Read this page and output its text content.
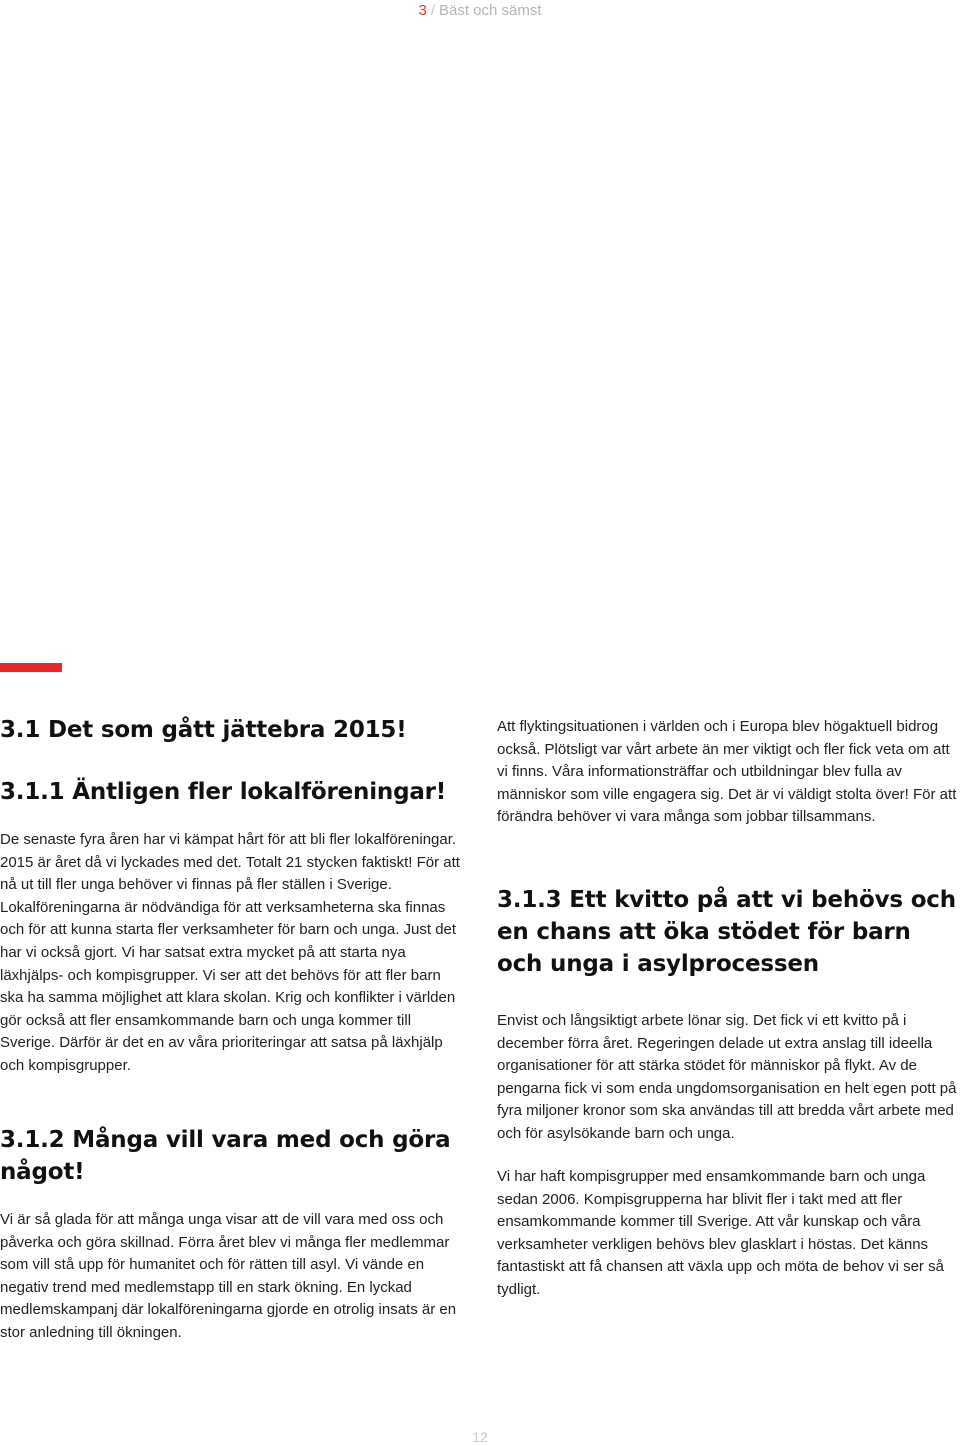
3 / Bäst och sämst
3.1 Det som gått jättebra 2015!
3.1.1 Äntligen fler lokalföreningar!

De senaste fyra åren har vi kämpat hårt för att bli fler lokalföreningar. 2015 är året då vi lyckades med det. Totalt 21 stycken faktiskt! För att nå ut till fler unga behöver vi finnas på fler ställen i Sverige. Lokalföreningarna är nödvändiga för att verksamheterna ska finnas och för att kunna starta fler verksamheter för barn och unga. Just det har vi också gjort. Vi har satsat extra mycket på att starta nya läxhjälps- och kompisgrupper. Vi ser att det behövs för att fler barn ska ha samma möjlighet att klara skolan. Krig och konflikter i världen gör också att fler ensamkommande barn och unga kommer till Sverige. Därför är det en av våra prioriteringar att satsa på läxhjälp och kompisgrupper.

3.1.2 Många vill vara med och göra något!

Vi är så glada för att många unga visar att de vill vara med oss och påverka och göra skillnad. Förra året blev vi många fler medlemmar som vill stå upp för humanitet och för rätten till asyl. Vi vände en negativ trend med medlemstapp till en stark ökning. En lyckad medlemskampanj där lokalföreningarna gjorde en otrolig insats är en stor anledning till ökningen.

Att flyktingsituationen i världen och i Europa blev högaktuell bidrog också. Plötsligt var vårt arbete än mer viktigt och fler fick veta om att vi finns. Våra informationsträffar och utbildningar blev fulla av människor som ville engagera sig. Det är vi väldigt stolta över! För att förändra behöver vi vara många som jobbar tillsammans.

3.1.3 Ett kvitto på att vi behövs och en chans att öka stödet för barn och unga i asylprocessen

Envist och långsiktigt arbete lönar sig. Det fick vi ett kvitto på i december förra året. Regeringen delade ut extra anslag till ideella organisationer för att stärka stödet för människor på flykt. Av de pengarna fick vi som enda ungdomsorganisation en helt egen pott på fyra miljoner kronor som ska användas till att bredda vårt arbete med och för asylsökande barn och unga.

Vi har haft kompisgrupper med ensamkommande barn och unga sedan 2006. Kompisgrupperna har blivit fler i takt med att fler ensamkommande kommer till Sverige. Att vår kunskap och våra verksamheter verkligen behövs blev glasklart i höstas. Det känns fantastiskt att få chansen att växla upp och möta de behov vi ser så tydligt.

12
